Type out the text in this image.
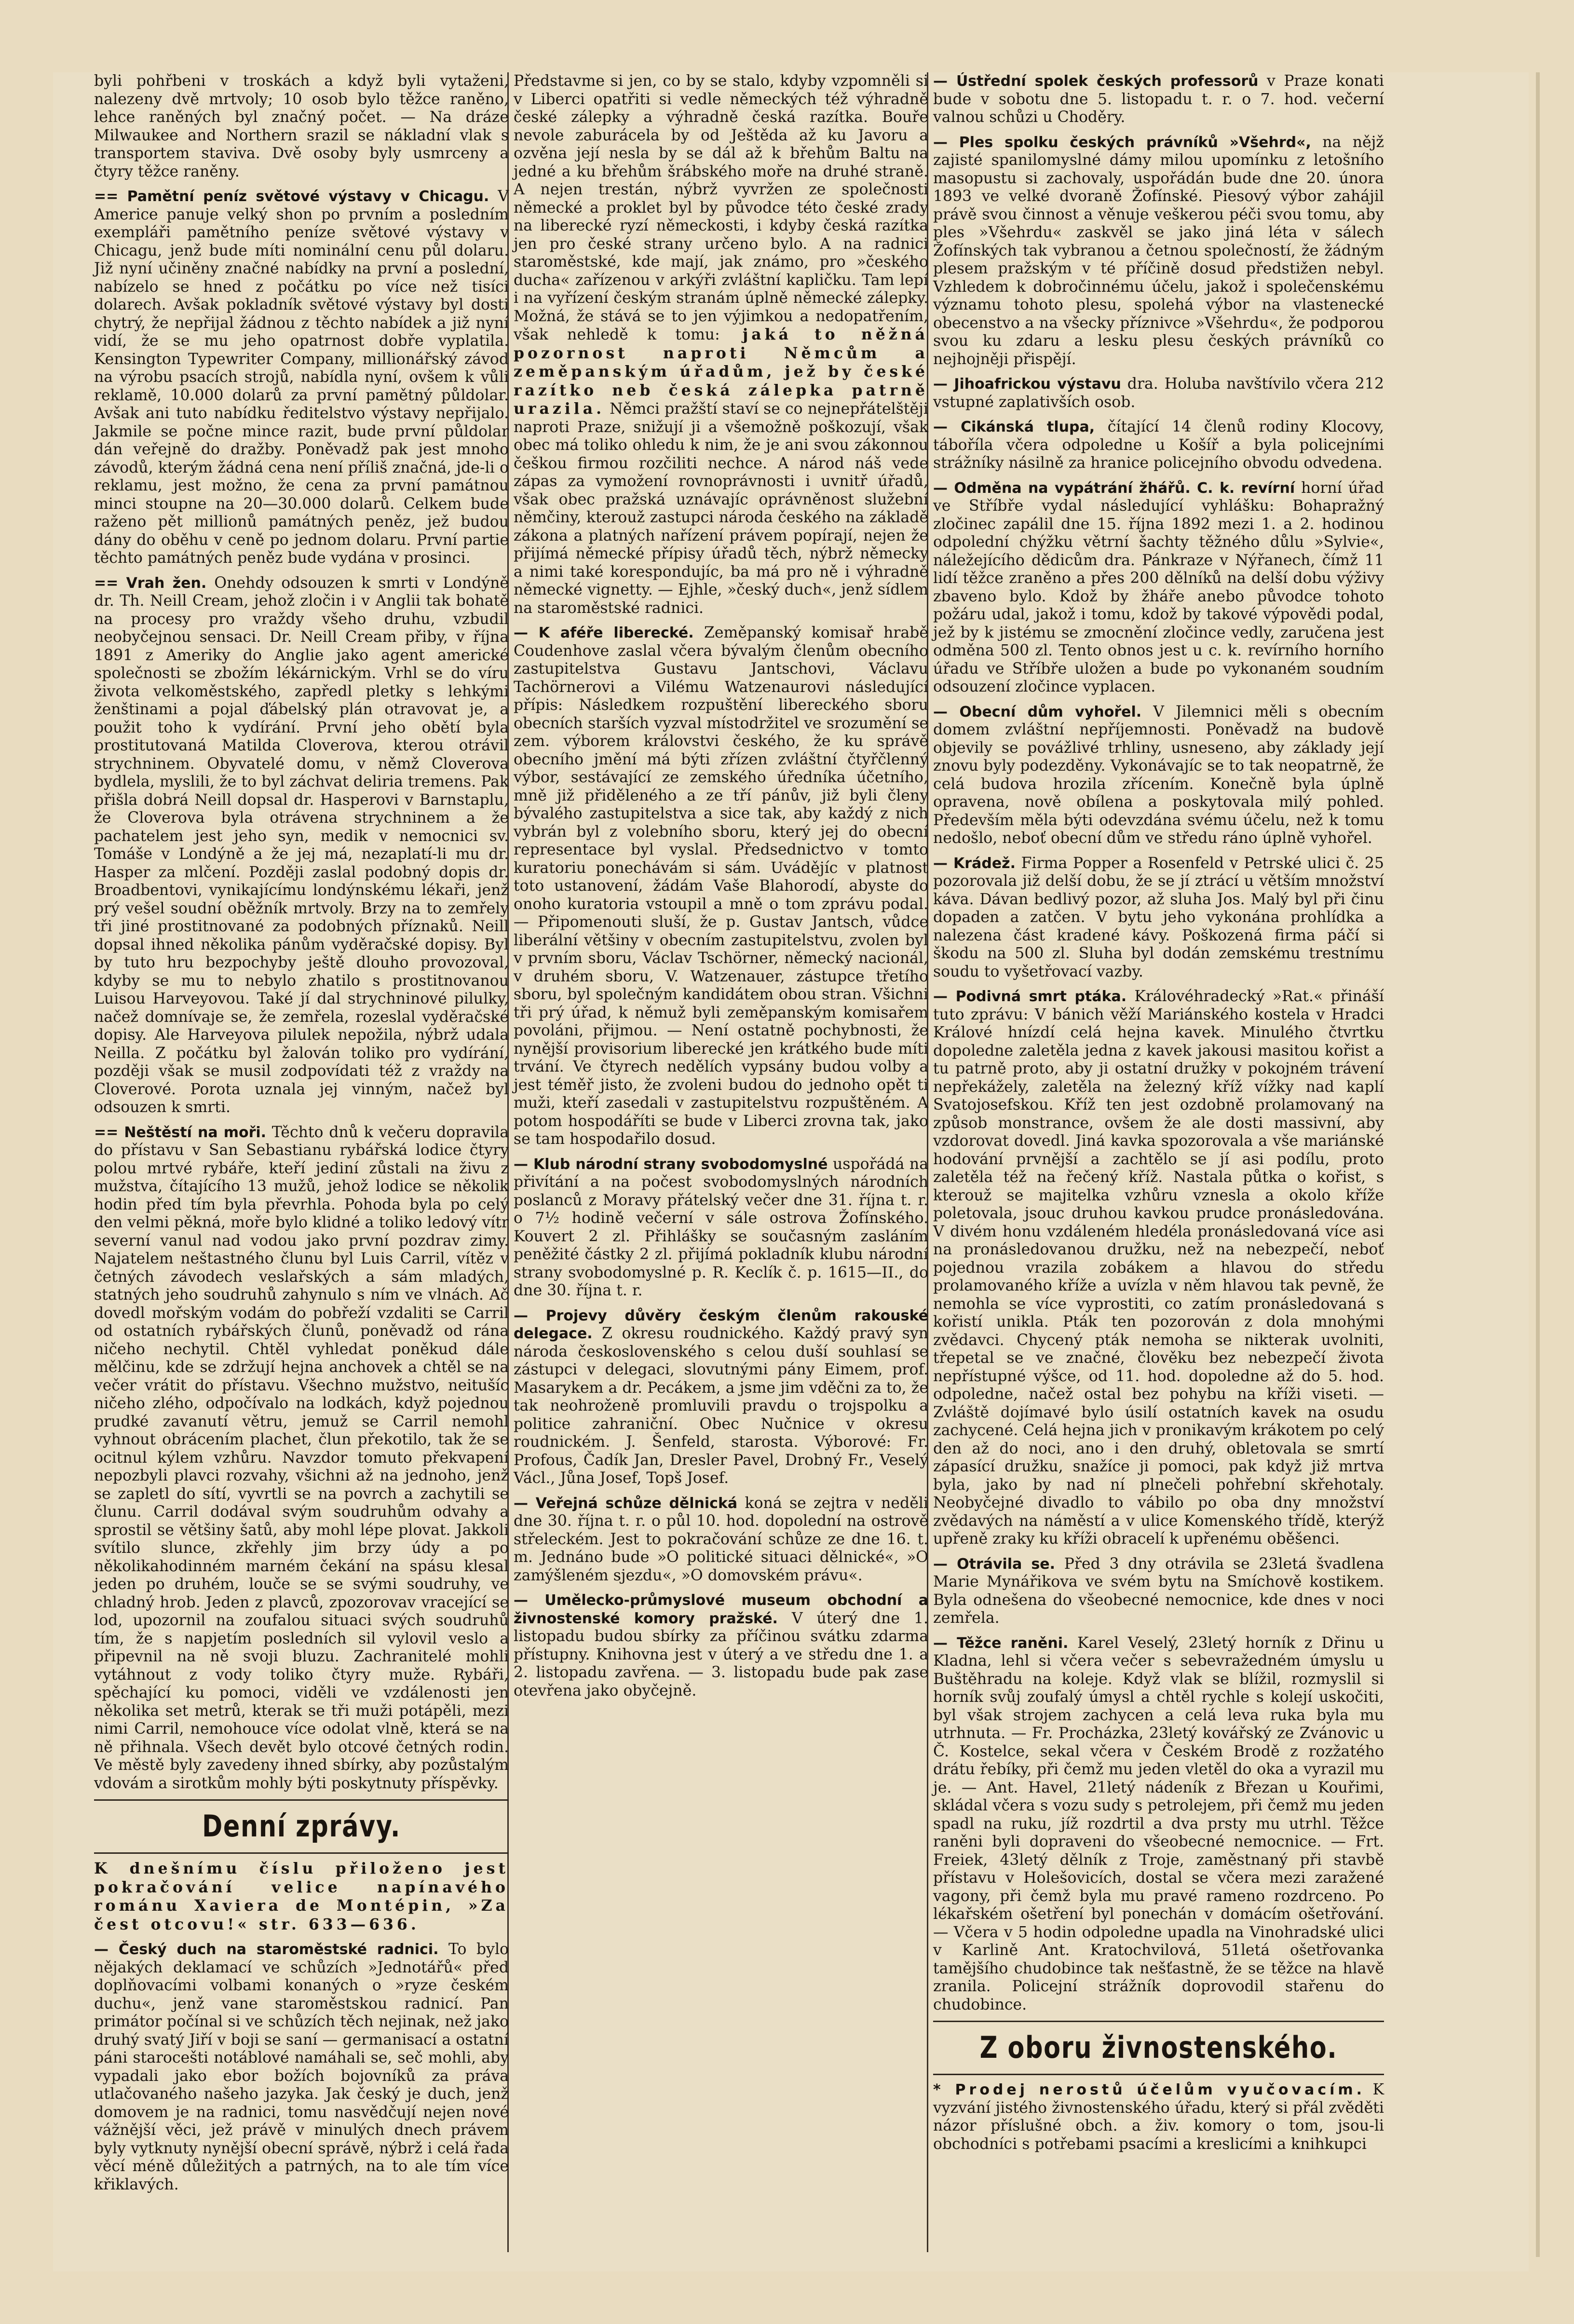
byli pohřbeni v troskách a když byli vytaženi, nalezeny dvě mrtvoly; 10 osob bylo těžce raněno, lehce raněných byl značný počet. — Na dráze Milwaukee and Northern srazil se nákladní vlak s transportem staviva. Dvě osoby byly usmrceny a čtyry těžce raněny.

== Pamětní peníz světové výstavy v Chicagu. V Americe panuje velký shon po prvním a posledním exempláři pamětního peníze světové výstavy v Chicagu, jenž bude míti nominální cenu půl dolaru. Již nyní učiněny značné nabídky na první a poslední, nabízelo se hned z počátku po více než tisíci dolarech. Avšak pokladník světové výstavy byl dosti chytrý, že nepřijal žádnou z těchto nabídek a již nyní vidí, že se mu jeho opatrnost dobře vyplatila. Kensington Typewriter Company, millionářský závod na výrobu psacích strojů, nabídla nyní, ovšem k vůli reklamě, 10.000 dolarů za první pamětný půldolar. Avšak ani tuto nabídku ředitelstvo výstavy nepřijalo. Jakmile se počne mince razit, bude první půldolar dán veřejně do dražby. Poněvadž pak jest mnoho závodů, kterým žádná cena není příliš značná, jde-li o reklamu, jest možno, že cena za první památnou minci stoupne na 20—30.000 dolarů. Celkem bude raženo pět millionů památných peněz, jež budou dány do oběhu v ceně po jednom dolaru. První partie těchto památných peněz bude vydána v prosinci.

== Vrah žen. Onehdy odsouzen k smrti v Londýně dr. Th. Neill Cream, jehož zločin i v Anglii tak bohatě na procesy pro vraždy všeho druhu, vzbudil neobyčejnou sensaci. Dr. Neill Cream přiby, v října 1891 z Ameriky do Anglie jako agent americké společnosti se zbožím lékárnickým. Vrhl se do víru života velkoměstského, zapředl pletky s lehkými ženštinami a pojal ďábelský plán otravovat je, a použit toho k vydírání. První jeho obětí byla prostitutovaná Matilda Cloverova, kterou otrávil strychninem. Obyvatelé domu, v němž Cloverova bydlela, myslili, že to byl záchvat deliria tremens. Pak přišla dobrá Neill dopsal dr. Hasperovi v Barnstaplu, že Cloverova byla otrávena strychninem a že pachatelem jest jeho syn, medik v nemocnici sv. Tomáše v Londýně a že jej má, nezaplatí-li mu dr. Hasper za mlčení. Později zaslal podobný dopis dr. Broadbentovi, vynikajícímu londýnskému lékaři, jenž prý vešel soudní oběžník mrtvoly. Brzy na to zemřely tři jiné prostitnované za podobných příznaků. Neill dopsal ihned několika pánům vyděračské dopisy. Byl by tuto hru bezpochyby ještě dlouho provozoval, kdyby se mu to nebylo zhatilo s prostitnovanou Luisou Harveyovou. Také jí dal strychninové pilulky, načež domnívaje se, že zemřela, rozeslal vyděračské dopisy. Ale Harveyova pilulek nepožila, nýbrž udala Neilla. Z počátku byl žalován toliko pro vydírání, později však se musil zodpovídati též z vraždy na Cloverové. Porota uznala jej vinným, načež byl odsouzen k smrti.

== Neštěstí na moři. Těchto dnů k večeru dopravila do přístavu v San Sebastianu rybářská lodice čtyry polou mrtvé rybáře, kteří jediní zůstali na živu z mužstva, čítajícího 13 mužů, jehož lodice se několik hodin před tím byla převrhla. Pohoda byla po celý den velmi pěkná, moře bylo klidné a toliko ledový vítr severní vanul nad vodou jako první pozdrav zimy. Najatelem neštastného člunu byl Luis Carril, vítěz v četných závodech veslařských a sám mladých, statných jeho soudruhů zahynulo s ním ve vlnách. Ač dovedl mořským vodám do pobřeží vzdaliti se Carril od ostatních rybářských člunů, poněvadž od rána ničeho nechytil. Chtěl vyhledat poněkud dále mělčinu, kde se zdržují hejna anchovek a chtěl se na večer vrátit do přístavu. Všechno mužstvo, neitušíc ničeho zlého, odpočívalo na lodkách, když pojednou prudké zavanutí větru, jemuž se Carril nemohl vyhnout obrácením plachet, člun překotilo, tak že se ocitnul kýlem vzhůru. Navzdor tomuto překvapení nepozbyli plavci rozvahy, všichni až na jednoho, jenž se zapletl do sítí, vyvrtli se na povrch a zachytili se člunu. Carril dodával svým soudruhům odvahy a sprostil se většiny šatů, aby mohl lépe plovat. Jakkoli svítilo slunce, zkřehly jim brzy údy a po několikahodinném marném čekání na spásu klesal jeden po druhém, louče se se svými soudruhy, ve chladný hrob. Jeden z plavců, zpozorovav vracející se lod, upozornil na zoufalou situaci svých soudruhů tím, že s napjetím posledních sil vylovil veslo a připevnil na ně svoji bluzu. Zachranitelé mohli vytáhnout z vody toliko čtyry muže. Rybáři, spěchající ku pomoci, viděli ve vzdálenosti jen několika set metrů, kterak se tři muži potápěli, mezi nimi Carril, nemohouce více odolat vlně, která se na ně přihnala. Všech devět bylo otcové četných rodin. Ve městě byly zavedeny ihned sbírky, aby pozůstalým vdovám a sirotkům mohly býti poskytnuty příspěvky.

Denní zprávy.

K dnešnímu číslu přiloženo jest pokračování velice napínavého románu Xaviera de Montépin, »Za čest otcovu!« str. 633—636.

— Český duch na staroměstské radnici. To bylo nějakých deklamací ve schůzích »Jednotářů« před doplňovacími volbami konaných o »ryze českém duchu«, jenž vane staroměstskou radnicí. Pan primátor počínal si ve schůzích těch nejinak, než jako druhý svatý Jiří v boji se saní — germanisací a ostatní páni starocešti notáblové namáhali se, seč mohli, aby vypadali jako ebor božích bojovníků za práva utlačovaného našeho jazyka. Jak český je duch, jenž domovem je na radnici, tomu nasvědčují nejen nové vážnější věci, jež právě v minulých dnech právem byly vytknuty nynější obecní správě, nýbrž i celá řada věcí méně důležitých a patrných, na to ale tím více křiklavých.

Představme si jen, co by se stalo, kdyby vzpomněli si v Liberci opatřiti si vedle německých též výhradně české zálepky a výhradně česká razítka. Bouře nevole zaburácela by od Ještěda až ku Javoru a ozvěna její nesla by se dál až k břehům Baltu na jedné a ku břehům šrábského moře na druhé straně. A nejen trestán, nýbrž vyvržen ze společnosti německé a proklet byl by původce této české zrady na liberecké ryzí německosti, i kdyby česká razítka jen pro české strany určeno bylo. A na radnici staroměstské, kde mají, jak známo, pro »českého ducha« zařízenou v arkýři zvláštní kapličku. Tam lepí i na vyřízení českým stranám úplně německé zálepky. Možná, že stává se to jen výjimkou a nedopatřením, však nehledě k tomu: jaká to něžná pozornost naproti Němcům a zeměpanským úřadům, jež by české razítko neb česká zálepka patrně urazila. Němci pražští staví se co nejnepřátelštěji naproti Praze, snižují ji a všemožně poškozují, však obec má toliko ohledu k nim, že je ani svou zákonnou češkou firmou rozčiliti nechce. A národ náš vede zápas za vymožení rovnoprávnosti i uvnitř úřadů, však obec pražská uznávajíc oprávněnost služební němčiny, kterouž zastupci národa českého na základě zákona a platných nařízení právem popírají, nejen že přijímá německé přípisy úřadů těch, nýbrž německy a nimi také korespondujíc, ba má pro ně i výhradně německé vignetty. — Ejhle, »český duch«, jenž sídlem na staroměstské radnici.

— K aféře liberecké. Zeměpanský komisař hrabě Coudenhove zaslal včera bývalým členům obecního zastupitelstva Gustavu Jantschovi, Václavu Tachörnerovi a Vilému Watzenaurovi následující přípis: Následkem rozpuštění libereckého sboru obecních starších vyzval místodržitel ve srozumění se zem. výborem královstvi českého, že ku správě obecního jmění má býti zřízen zvláštní čtyřčlenný výbor, sestávající ze zemského úředníka účetního, mně již přiděleného a ze tří pánův, již byli členy bývalého zastupitelstva a sice tak, aby každý z nich vybrán byl z volebního sboru, který jej do obecní representace byl vyslal. Předsednictvo v tomto kuratoriu ponechávám si sám. Uvádějíc v platnost toto ustanovení, žádám Vaše Blahorodí, abyste do onoho kuratoria vstoupil a mně o tom zprávu podal. — Připomenouti sluší, že p. Gustav Jantsch, vůdce liberální většiny v obecním zastupitelstvu, zvolen byl v prvním sboru, Václav Tschörner, německý nacionál, v druhém sboru, V. Watzenauer, zástupce třetího sboru, byl společným kandidátem obou stran. Všichni tři prý úřad, k němuž byli zeměpanským komisařem povoláni, přijmou. — Není ostatně pochybnosti, že nynější provisorium liberecké jen krátkého bude míti trvání. Ve čtyrech nedělích vypsány budou volby a jest téměř jisto, že zvoleni budou do jednoho opět ti muži, kteří zasedali v zastupitelstvu rozpuštěném. A potom hospodáříti se bude v Liberci zrovna tak, jako se tam hospodařilo dosud.

— Klub národní strany svobodomyslné uspořádá na přivítání a na počest svobodomyslných národních poslanců z Moravy přátelský večer dne 31. října t. r. o 7½ hodině večerní v sále ostrova Žofínského. Kouvert 2 zl. Přihlášky se současným zasláním peněžité částky 2 zl. přijímá pokladník klubu národní strany svobodomyslné p. R. Keclík č. p. 1615—II., do dne 30. října t. r.

— Projevy důvěry českým členům rakouské delegace. Z okresu roudnického. Každý pravý syn národa československého s celou duší souhlasí se zástupci v delegaci, slovutnými pány Eimem, prof. Masarykem a dr. Pecákem, a jsme jim vděčni za to, že tak neohroženě promluvili pravdu o trojspolku a politice zahraniční. Obec Nučnice v okresu roudnickém. J. Šenfeld, starosta. Výborové: Fr. Profous, Čadík Jan, Dresler Pavel, Drobný Fr., Veselý Václ., Jůna Josef, Topš Josef.

— Veřejná schůze dělnická koná se zejtra v neděli dne 30. října t. r. o půl 10. hod. dopolední na ostrově střeleckém. Jest to pokračování schůze ze dne 16. t. m. Jednáno bude »O politické situaci dělnické«, »O zamýšleném sjezdu«, »O domovském právu«.

— Umělecko-průmyslové museum obchodní a živnostenské komory pražské. V úterý dne 1. listopadu budou sbírky za příčinou svátku zdarma přístupny. Knihovna jest v úterý a ve středu dne 1. a 2. listopadu zavřena. — 3. listopadu bude pak zase otevřena jako obyčejně.

— Ústřední spolek českých professorů v Praze konati bude v sobotu dne 5. listopadu t. r. o 7. hod. večerní valnou schůzi u Choděry.

— Ples spolku českých právníků »Všehrd«, na nějž zajisté spanilomyslné dámy milou upomínku z letošního masopustu si zachovaly, uspořádán bude dne 20. února 1893 ve velké dvoraně Žofínské. Piesový výbor zahájil právě svou činnost a věnuje veškerou péči svou tomu, aby ples »Všehrdu« zaskvěl se jako jiná léta v sálech Žofínských tak vybranou a četnou společností, že žádným plesem pražským v té příčině dosud předstižen nebyl. Vzhledem k dobročinnému účelu, jakož i společenskému významu tohoto plesu, spolehá výbor na vlastenecké obecenstvo a na všecky příznivce »Všehrdu«, že podporou svou ku zdaru a lesku plesu českých právníků co nejhojněji přispějí.

— Jihoafrickou výstavu dra. Holuba navštívilo včera 212 vstupné zaplativších osob.

— Cikánská tlupa, čítající 14 členů rodiny Klocovy, táboříla včera odpoledne u Košíř a byla policejními strážníky násilně za hranice policejního obvodu odvedena.

— Odměna na vypátrání žhářů. C. k. revírní horní úřad ve Stříbře vydal následující vyhlášku: Bohapražný zločinec zapálil dne 15. října 1892 mezi 1. a 2. hodinou odpolední chýžku větrní šachty těžného důlu »Sylvie«, náležejícího dědicům dra. Pánkraze v Nýřanech, čímž 11 lidí těžce zraněno a přes 200 dělníků na delší dobu výživy zbaveno bylo. Kdož by žháře anebo původce tohoto požáru udal, jakož i tomu, kdož by takové výpovědi podal, jež by k jistému se zmocnění zločince vedly, zaručena jest odměna 500 zl. Tento obnos jest u c. k. revírního horního úřadu ve Stříbře uložen a bude po vykonaném soudním odsouzení zločince vyplacen.

— Obecní dům vyhořel. V Jilemnici měli s obecním domem zvláštní nepříjemnosti. Poněvadž na budově objevily se povážlivé trhliny, usneseno, aby základy její znovu byly podezděny. Vykonávajíc se to tak neopatrně, že celá budova hrozila zřícením. Konečně byla úplně opravena, nově obílena a poskytovala milý pohled. Především měla býti odevzdána svému účelu, než k tomu nedošlo, neboť obecní dům ve středu ráno úplně vyhořel.

— Krádež. Firma Popper a Rosenfeld v Petrské ulici č. 25 pozorovala již delší dobu, že se jí ztrácí u větším množství káva. Dávan bedlivý pozor, až sluha Jos. Malý byl při činu dopaden a zatčen. V bytu jeho vykonána prohlídka a nalezena část kradené kávy. Poškozená firma páčí si škodu na 500 zl. Sluha byl dodán zemskému trestnímu soudu to vyšetřovací vazby.

— Podivná smrt ptáka. Královéhradecký »Rat.« přináší tuto zprávu: V bánich věží Mariánského kostela v Hradci Králové hnízdí celá hejna kavek. Minulého čtvrtku dopoledne zaletěla jedna z kavek jakousi masitou kořist a tu patrně proto, aby ji ostatní družky v pokojném trávení nepřekážely, zaletěla na železný kříž vížky nad kaplí Svatojosefskou. Kříž ten jest ozdobně prolamovaný na způsob monstrance, ovšem že ale dosti massivní, aby vzdorovat dovedl. Jiná kavka spozorovala a vše mariánské hodování prvnější a zachtělo se jí asi podílu, proto zaletěla též na řečený kříž. Nastala půtka o kořist, s kterouž se majitelka vzhůru vznesla a okolo kříže poletovala, jsouc druhou kavkou prudce pronásledována. V divém honu vzdáleném hledéla pronásledovaná více asi na pronásledovanou družku, než na nebezpečí, neboť pojednou vrazila zobákem a hlavou do středu prolamovaného kříže a uvízla v něm hlavou tak pevně, že nemohla se více vyprostiti, co zatím pronásledovaná s kořistí unikla. Pták ten pozorován z dola mnohými zvědavci. Chycený pták nemoha se nikterak uvolniti, třepetal se ve značné, člověku bez nebezpečí života nepřístupné výšce, od 11. hod. dopoledne až do 5. hod. odpoledne, načež ostal bez pohybu na kříži viseti. — Zvláště dojímavé bylo úsilí ostatních kavek na osudu zachycené. Celá hejna jich v pronikavým krákotem po celý den až do noci, ano i den druhý, obletovala se smrtí zápasící družku, snažíce ji pomoci, pak když již mrtva byla, jako by nad ní plnečeli pohřební skřehotaly. Neobyčejné divadlo to vábilo po oba dny množství zvědavých na náměstí a v ulice Komenského třídě, kterýž upřeně zraky ku kříži obracelí k upřenému oběšenci.

— Otrávila se. Před 3 dny otrávila se 23letá švadlena Marie Mynářikova ve svém bytu na Smíchově kostikem. Byla odnešena do všeobecné nemocnice, kde dnes v noci zemřela.

— Těžce raněni. Karel Veselý, 23letý horník z Dřinu u Kladna, lehl si včera večer s sebevražedném úmyslu u Buštěhradu na koleje. Když vlak se blížil, rozmyslil si horník svůj zoufalý úmysl a chtěl rychle s kolejí uskočiti, byl však strojem zachycen a celá leva ruka byla mu utrhnuta. — Fr. Procházka, 23letý kovářský ze Zvánovic u Č. Kostelce, sekal včera v Českém Brodě z rozžatého drátu řebíky, při čemž mu jeden vletěl do oka a vyrazil mu je. — Ant. Havel, 21letý nádeník z Březan u Kouřimi, skládal včera s vozu sudy s petrolejem, při čemž mu jeden spadl na ruku, jíž rozdrtil a dva prsty mu utrhl. Těžce raněni byli dopraveni do všeobecné nemocnice. — Frt. Freiek, 43letý dělník z Troje, zaměstnaný při stavbě přístavu v Holešovicích, dostal se včera mezi zaražené vagony, při čemž byla mu pravé rameno rozdrceno. Po lékařském ošetření byl ponechán v domácím ošetřování. — Včera v 5 hodin odpoledne upadla na Vinohradské ulici v Karlině Ant. Kratochvilová, 51letá ošetřovanka tamějšího chudobince tak nešťastně, že se těžce na hlavě zranila. Policejní strážník doprovodil stařenu do chudobince.

Z oboru živnostenského.

* Prodej nerostů účelům vyučovacím. K vyzvání jistého živnostenského úřadu, který si přál zvěděti názor příslušné obch. a živ. komory o tom, jsou-li obchodníci s potřebami psacími a kreslicími a knihkupci
